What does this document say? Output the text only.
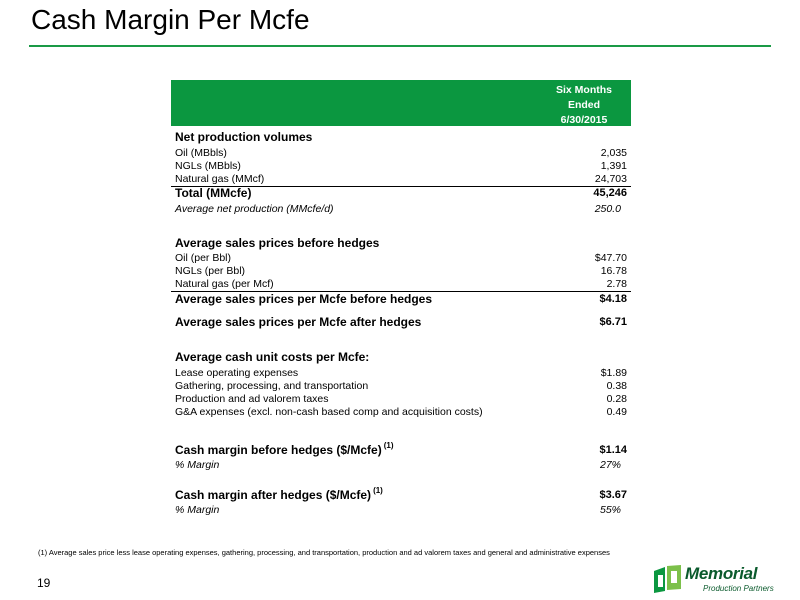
Cash Margin Per Mcfe
Six Months
Ended
6/30/2015
Net production volumes
Oil (MBbls)	2,035
NGLs (MBbls)	1,391
Natural gas (MMcf)	24,703
Total (MMcfe)	45,246
Average net production (MMcfe/d)	250.0
Average sales prices before hedges
Oil (per Bbl)	$47.70
NGLs (per Bbl)	16.78
Natural gas (per Mcf)	2.78
Average sales prices per Mcfe before hedges	$4.18
Average sales prices per Mcfe after hedges	$6.71
Average cash unit costs per Mcfe:
Lease operating expenses	$1.89
Gathering, processing, and transportation	0.38
Production and ad valorem taxes	0.28
G&A expenses (excl. non-cash based comp and acquisition costs)	0.49
Cash margin before hedges ($/Mcfe) $^{(1)}$	$1.14
% Margin	27%
Cash margin after hedges ($/Mcfe) $^{(1)}$	$3.67
% Margin	55%
(1) Average sales price less lease operating expenses, gathering, processing, and transportation, production and ad valorem taxes and general and administrative expenses
19	Memorial
Production Partners
